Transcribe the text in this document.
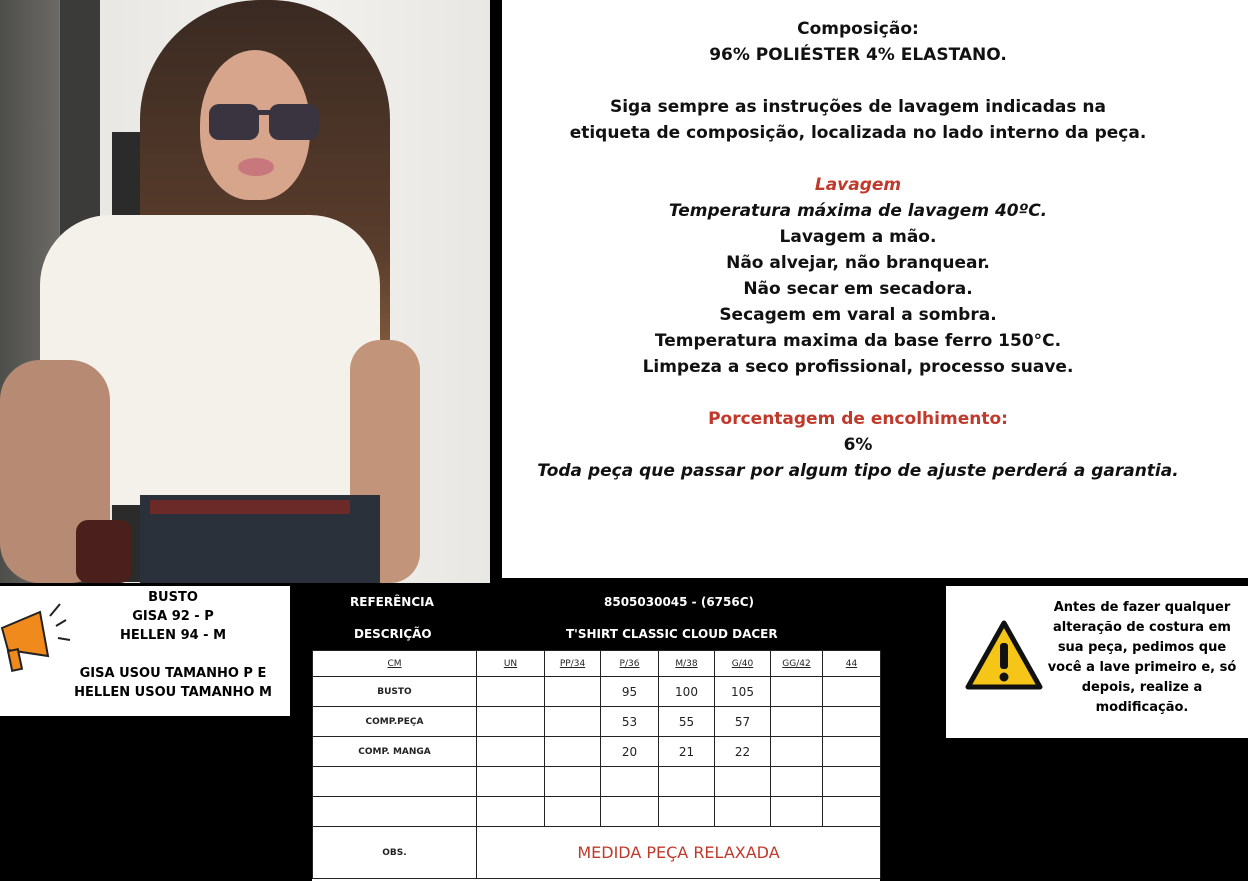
Composição:
96% POLIÉSTER 4% ELASTANO.
Siga sempre as instruções de lavagem indicadas na
etiqueta de composição, localizada no lado interno da peça.
Lavagem
Temperatura máxima de lavagem 40ºC.
Lavagem a mão.
Não alvejar, não branquear.
Não secar em secadora.
Secagem em varal a sombra.
Temperatura maxima da base ferro 150°C.
Limpeza a seco profissional, processo suave.
Porcentagem de encolhimento:
6%
Toda peça que passar por algum tipo de ajuste perderá a garantia.
BUSTO
GISA 92 - P
HELLEN 94 - M
GISA USOU TAMANHO P E
HELLEN USOU TAMANHO M
REFERÊNCIA	8505030045 - (6756C)
DESCRIÇÃO	T'SHIRT CLASSIC CLOUD DACER
CM	UN	PP/34	P/36	M/38	G/40	GG/42	44
BUSTO			95	100	105		
COMP.PEÇA			53	55	57		
COMP. MANGA			20	21	22		

OBS.	MEDIDA PEÇA RELAXADA						
Antes de fazer qualquer
alteração de costura em
sua peça, pedimos que
você a lave primeiro e, só
depois, realize a
modificação.
